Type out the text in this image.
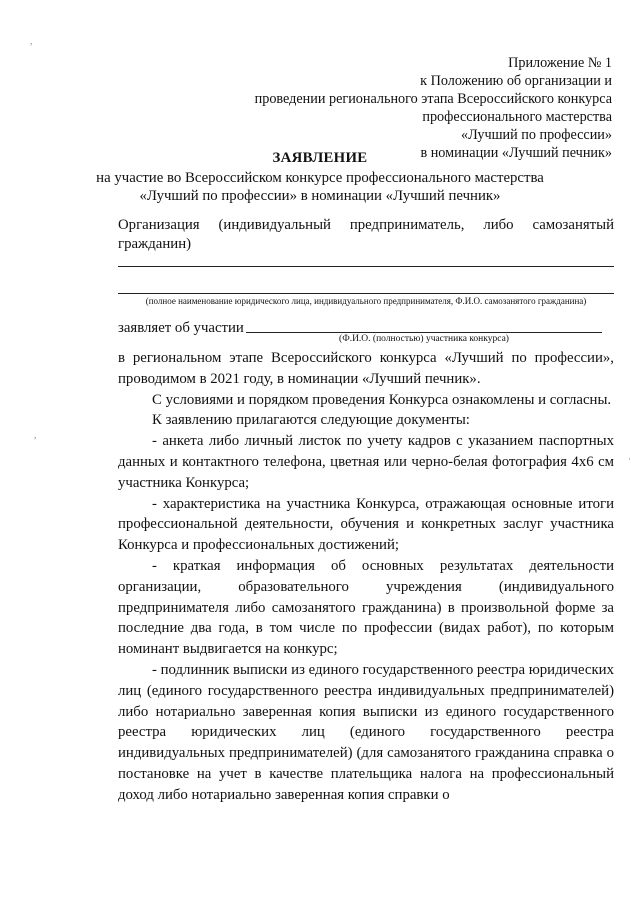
,
,
·
Приложение № 1
к Положению об организации и
проведении регионального этапа Всероссийского конкурса
профессионального мастерства
«Лучший по профессии»
в номинации «Лучший печник»
ЗАЯВЛЕНИЕ
на участие во Всероссийском конкурсе профессионального мастерства
«Лучший по профессии» в номинации «Лучший печник»
Организация (индивидуальный предприниматель, либо самозанятый
гражданин)
(полное наименование юридического лица, индивидуального предпринимателя, Ф.И.О. самозанятого гражданина)
заявляет об участии
(Ф.И.О. (полностью) участника конкурса)

в региональном этапе Всероссийского конкурса «Лучший по профессии», проводимом в 2021 году, в номинации «Лучший печник».

С условиями и порядком проведения Конкурса ознакомлены и согласны.

К заявлению прилагаются следующие документы:

- анкета либо личный листок по учету кадров с указанием паспортных данных и контактного телефона, цветная или черно-белая фотография 4х6 см участника Конкурса;

- характеристика на участника Конкурса, отражающая основные итоги профессиональной деятельности, обучения и конкретных заслуг участника Конкурса и профессиональных достижений;

- краткая информация об основных результатах деятельности организации, образовательного учреждения (индивидуального предпринимателя либо самозанятого гражданина) в произвольной форме за последние два года, в том числе по профессии (видах работ), по которым номинант выдвигается на конкурс;

- подлинник выписки из единого государственного реестра юридических лиц (единого государственного реестра индивидуальных предпринимателей) либо нотариально заверенная копия выписки из единого государственного реестра юридических лиц (единого государственного реестра индивидуальных предпринимателей) (для самозанятого гражданина справка о постановке на учет в качестве плательщика налога на профессиональный доход либо нотариально заверенная копия справки о
